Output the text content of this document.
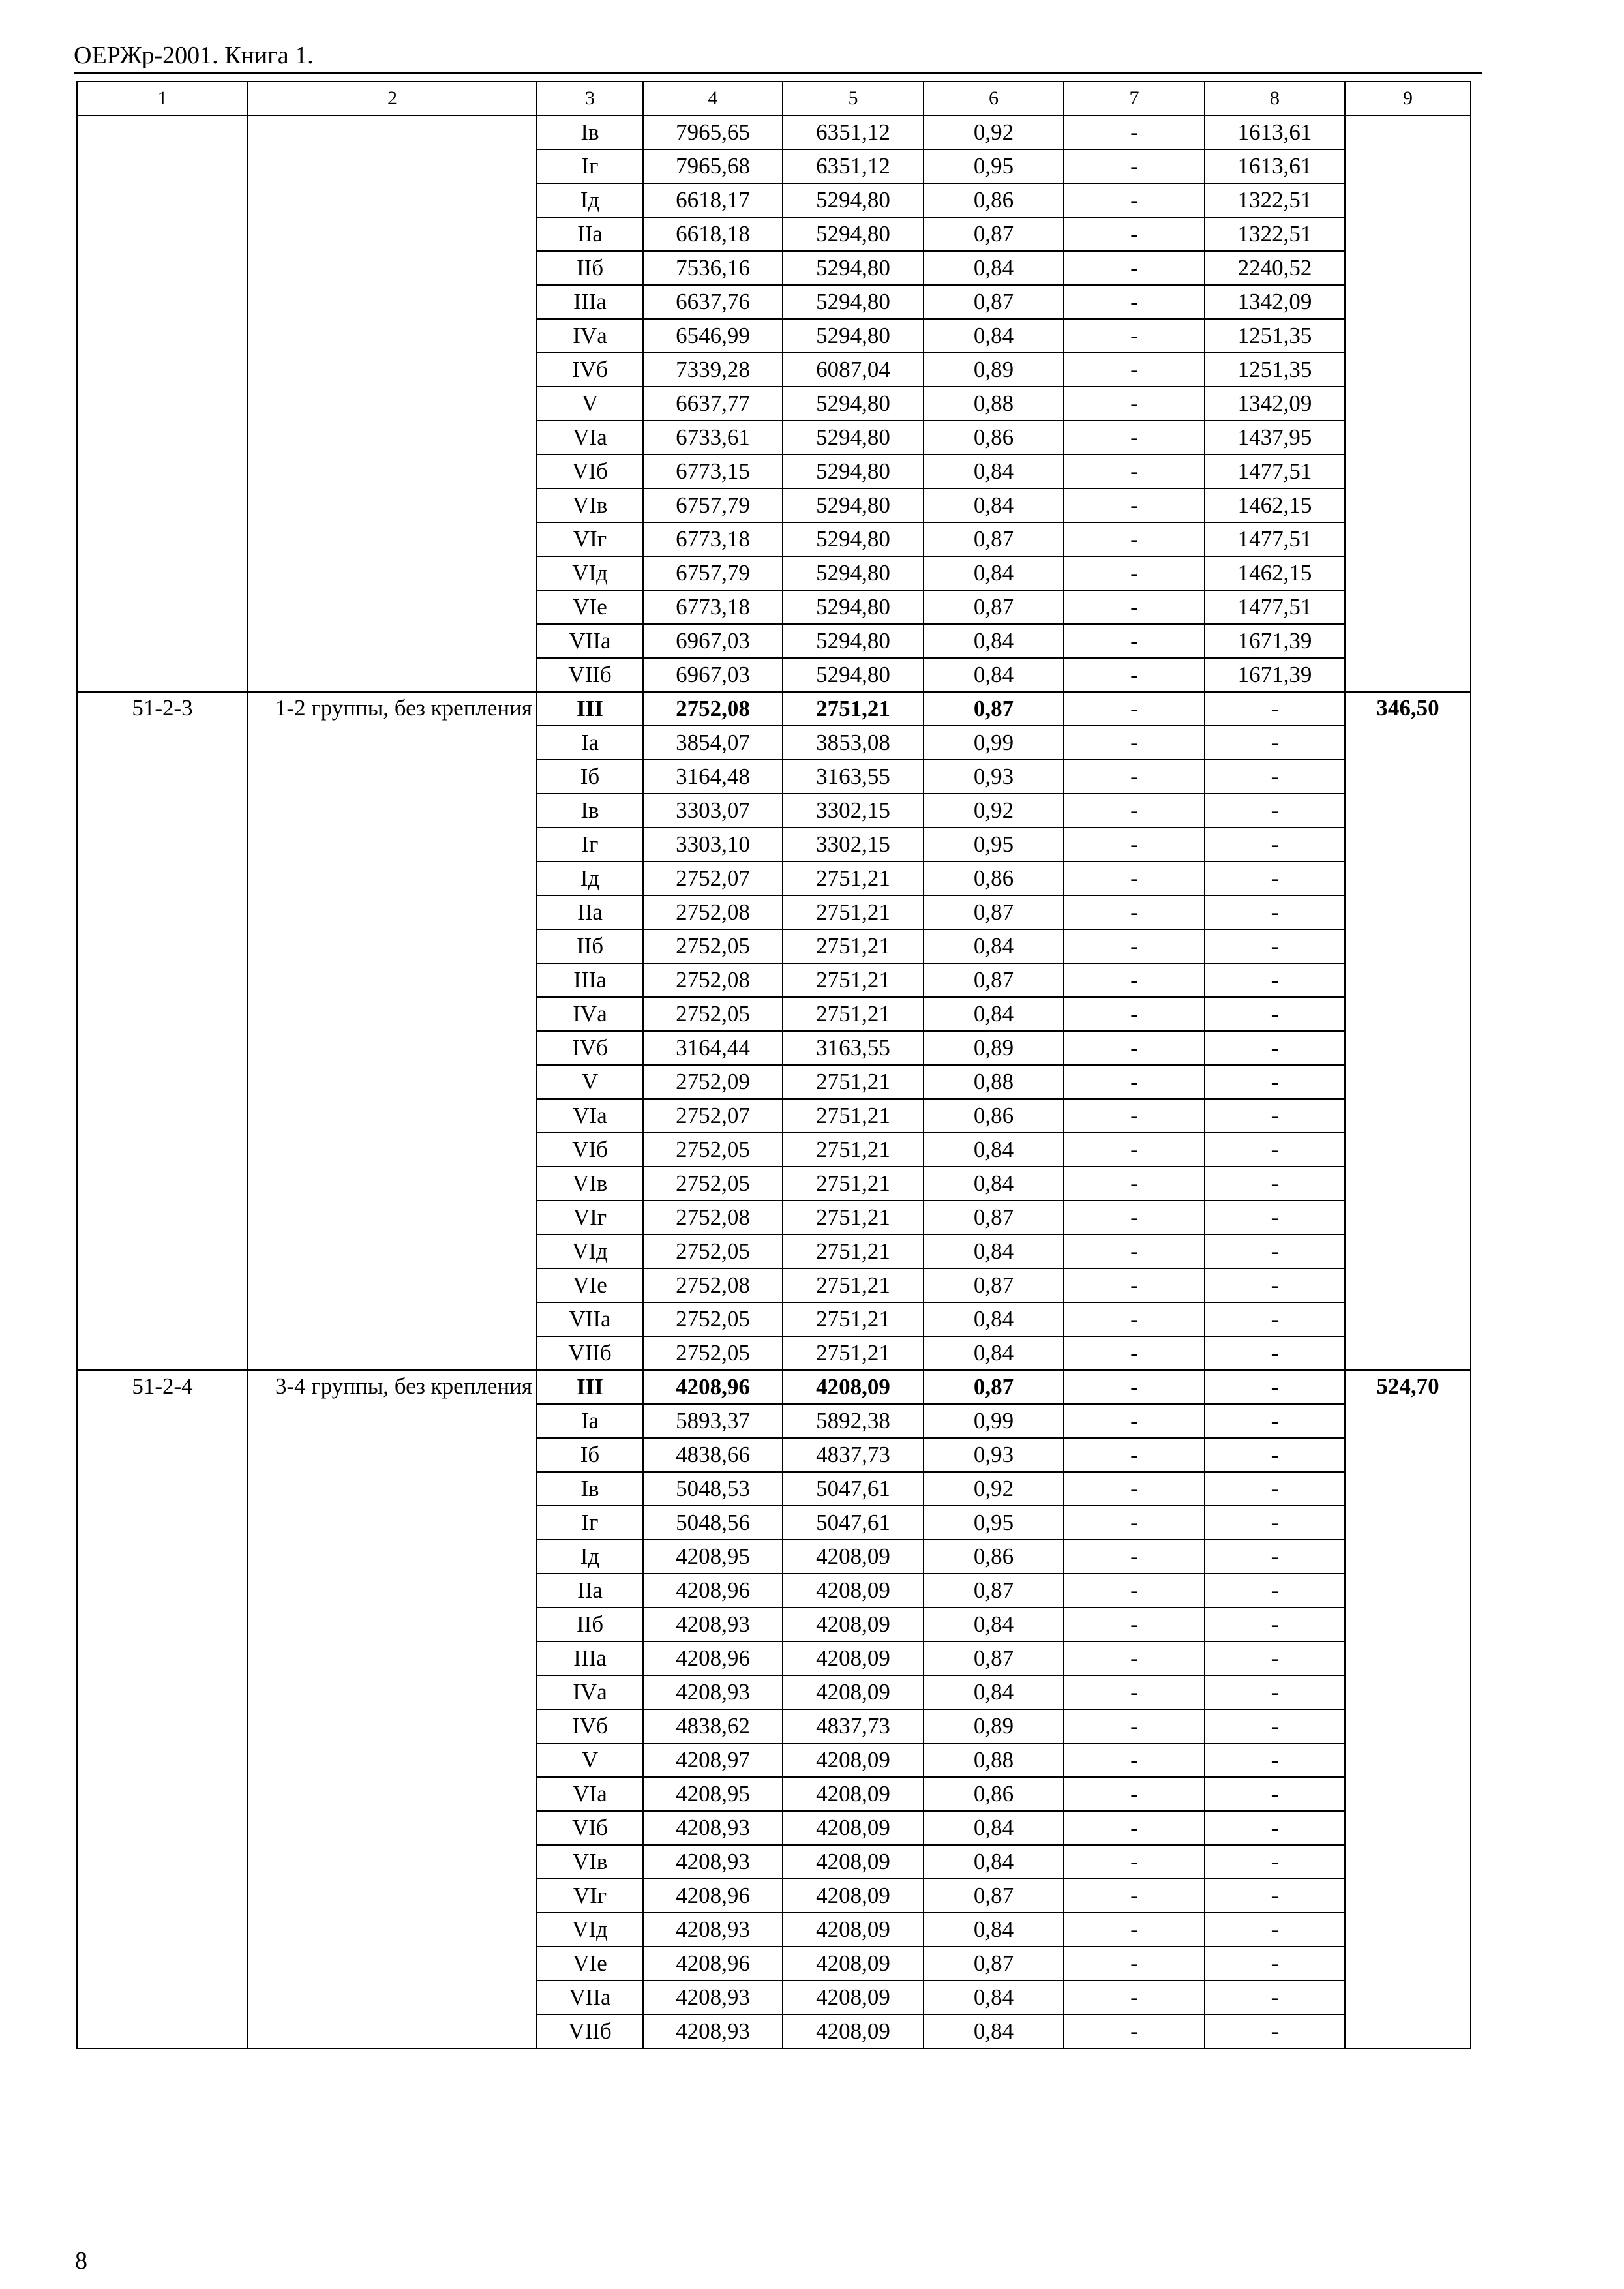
ОЕРЖр-2001. Книга 1.
1	2	3	4	5	6	7	8	9
		Iв	7965,65	6351,12	0,92	-	1613,61	
		Iг	7965,68	6351,12	0,95	-	1613,61	
		Iд	6618,17	5294,80	0,86	-	1322,51	
		IIа	6618,18	5294,80	0,87	-	1322,51	
		IIб	7536,16	5294,80	0,84	-	2240,52	
		IIIа	6637,76	5294,80	0,87	-	1342,09	
		IVа	6546,99	5294,80	0,84	-	1251,35	
		IVб	7339,28	6087,04	0,89	-	1251,35	
		V	6637,77	5294,80	0,88	-	1342,09	
		VIа	6733,61	5294,80	0,86	-	1437,95	
		VIб	6773,15	5294,80	0,84	-	1477,51	
		VIв	6757,79	5294,80	0,84	-	1462,15	
		VIг	6773,18	5294,80	0,87	-	1477,51	
		VIд	6757,79	5294,80	0,84	-	1462,15	
		VIе	6773,18	5294,80	0,87	-	1477,51	
		VIIа	6967,03	5294,80	0,84	-	1671,39	
		VIIб	6967,03	5294,80	0,84	-	1671,39	
51-2-3	1-2 группы, без крепления	III	2752,08	2751,21	0,87	-	-	346,50
		Iа	3854,07	3853,08	0,99	-	-	
		Iб	3164,48	3163,55	0,93	-	-	
		Iв	3303,07	3302,15	0,92	-	-	
		Iг	3303,10	3302,15	0,95	-	-	
		Iд	2752,07	2751,21	0,86	-	-	
		IIа	2752,08	2751,21	0,87	-	-	
		IIб	2752,05	2751,21	0,84	-	-	
		IIIа	2752,08	2751,21	0,87	-	-	
		IVа	2752,05	2751,21	0,84	-	-	
		IVб	3164,44	3163,55	0,89	-	-	
		V	2752,09	2751,21	0,88	-	-	
		VIа	2752,07	2751,21	0,86	-	-	
		VIб	2752,05	2751,21	0,84	-	-	
		VIв	2752,05	2751,21	0,84	-	-	
		VIг	2752,08	2751,21	0,87	-	-	
		VIд	2752,05	2751,21	0,84	-	-	
		VIе	2752,08	2751,21	0,87	-	-	
		VIIа	2752,05	2751,21	0,84	-	-	
		VIIб	2752,05	2751,21	0,84	-	-	
51-2-4	3-4 группы, без крепления	III	4208,96	4208,09	0,87	-	-	524,70
		Iа	5893,37	5892,38	0,99	-	-	
		Iб	4838,66	4837,73	0,93	-	-	
		Iв	5048,53	5047,61	0,92	-	-	
		Iг	5048,56	5047,61	0,95	-	-	
		Iд	4208,95	4208,09	0,86	-	-	
		IIа	4208,96	4208,09	0,87	-	-	
		IIб	4208,93	4208,09	0,84	-	-	
		IIIа	4208,96	4208,09	0,87	-	-	
		IVа	4208,93	4208,09	0,84	-	-	
		IVб	4838,62	4837,73	0,89	-	-	
		V	4208,97	4208,09	0,88	-	-	
		VIа	4208,95	4208,09	0,86	-	-	
		VIб	4208,93	4208,09	0,84	-	-	
		VIв	4208,93	4208,09	0,84	-	-	
		VIг	4208,96	4208,09	0,87	-	-	
		VIд	4208,93	4208,09	0,84	-	-	
		VIе	4208,96	4208,09	0,87	-	-	
		VIIа	4208,93	4208,09	0,84	-	-	
		VIIб	4208,93	4208,09	0,84	-	-	
8
